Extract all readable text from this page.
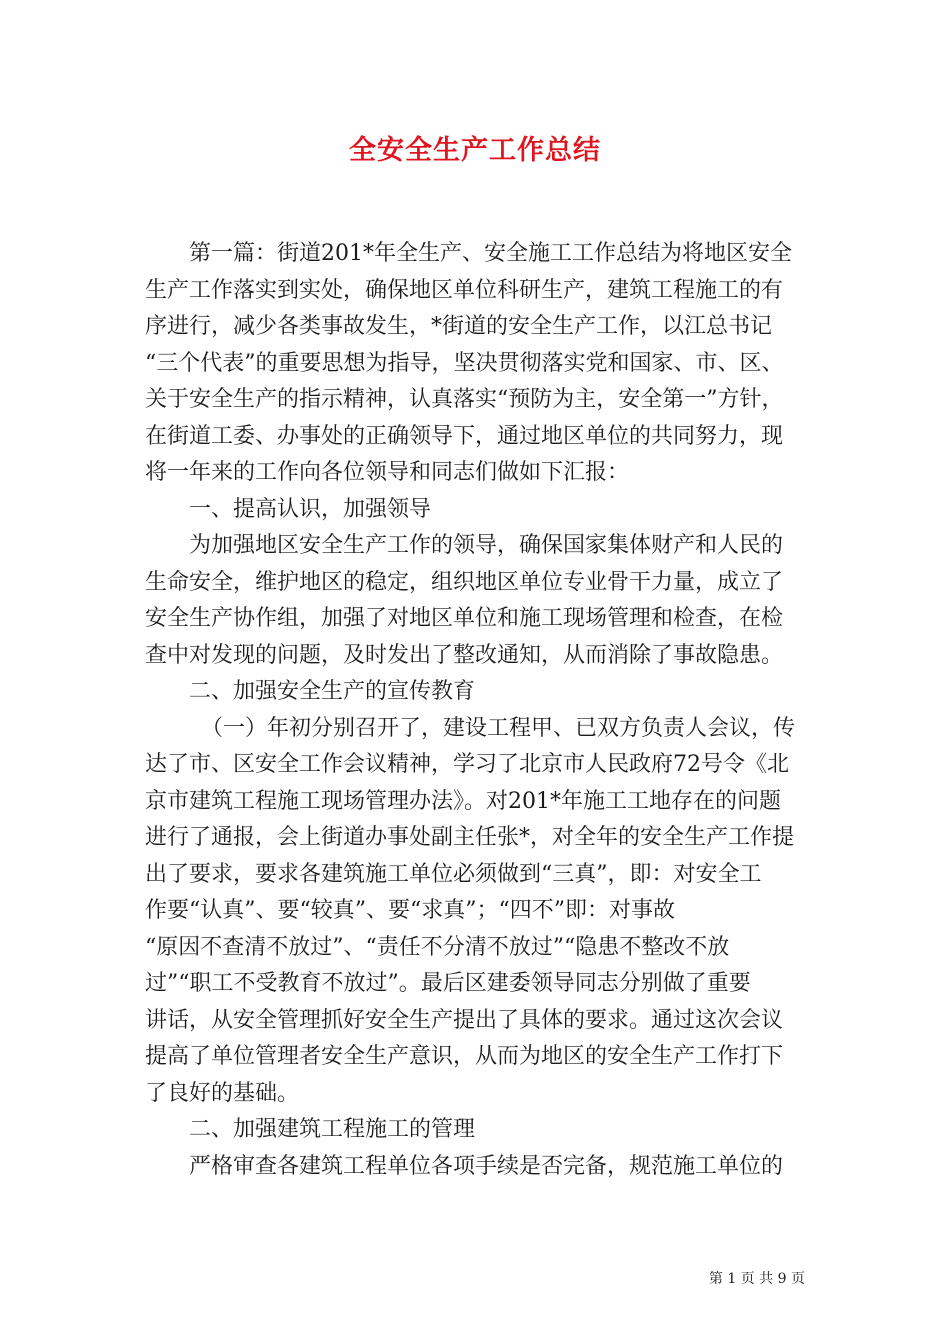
全安全生产工作总结

第一篇：街道201*年全生产、安全施工工作总结为将地区安全

生产工作落实到实处，确保地区单位科研生产，建筑工程施工的有

序进行，减少各类事故发生，*街道的安全生产工作，以江总书记

“三个代表”的重要思想为指导，坚决贯彻落实党和国家、市、区、

关于安全生产的指示精神，认真落实“预防为主，安全第一”方针，

在街道工委、办事处的正确领导下，通过地区单位的共同努力，现

将一年来的工作向各位领导和同志们做如下汇报：

一、提高认识，加强领导

为加强地区安全生产工作的领导，确保国家集体财产和人民的

生命安全，维护地区的稳定，组织地区单位专业骨干力量，成立了

安全生产协作组，加强了对地区单位和施工现场管理和检查，在检

查中对发现的问题，及时发出了整改通知，从而消除了事故隐患。

二、加强安全生产的宣传教育

（一）年初分别召开了，建设工程甲、已双方负责人会议，传

达了市、区安全工作会议精神，学习了北京市人民政府72号令《北

京市建筑工程施工现场管理办法》。对201*年施工工地存在的问题

进行了通报，会上街道办事处副主任张*，对全年的安全生产工作提

出了要求，要求各建筑施工单位必须做到“三真”，即：对安全工

作要“认真”、要“较真”、要“求真”；“四不”即：对事故

“原因不查清不放过”、“责任不分清不放过”“隐患不整改不放

过”“职工不受教育不放过”。最后区建委领导同志分别做了重要

讲话，从安全管理抓好安全生产提出了具体的要求。通过这次会议

提高了单位管理者安全生产意识，从而为地区的安全生产工作打下

了良好的基础。

二、加强建筑工程施工的管理

严格审查各建筑工程单位各项手续是否完备，规范施工单位的

第 1 页 共 9 页
